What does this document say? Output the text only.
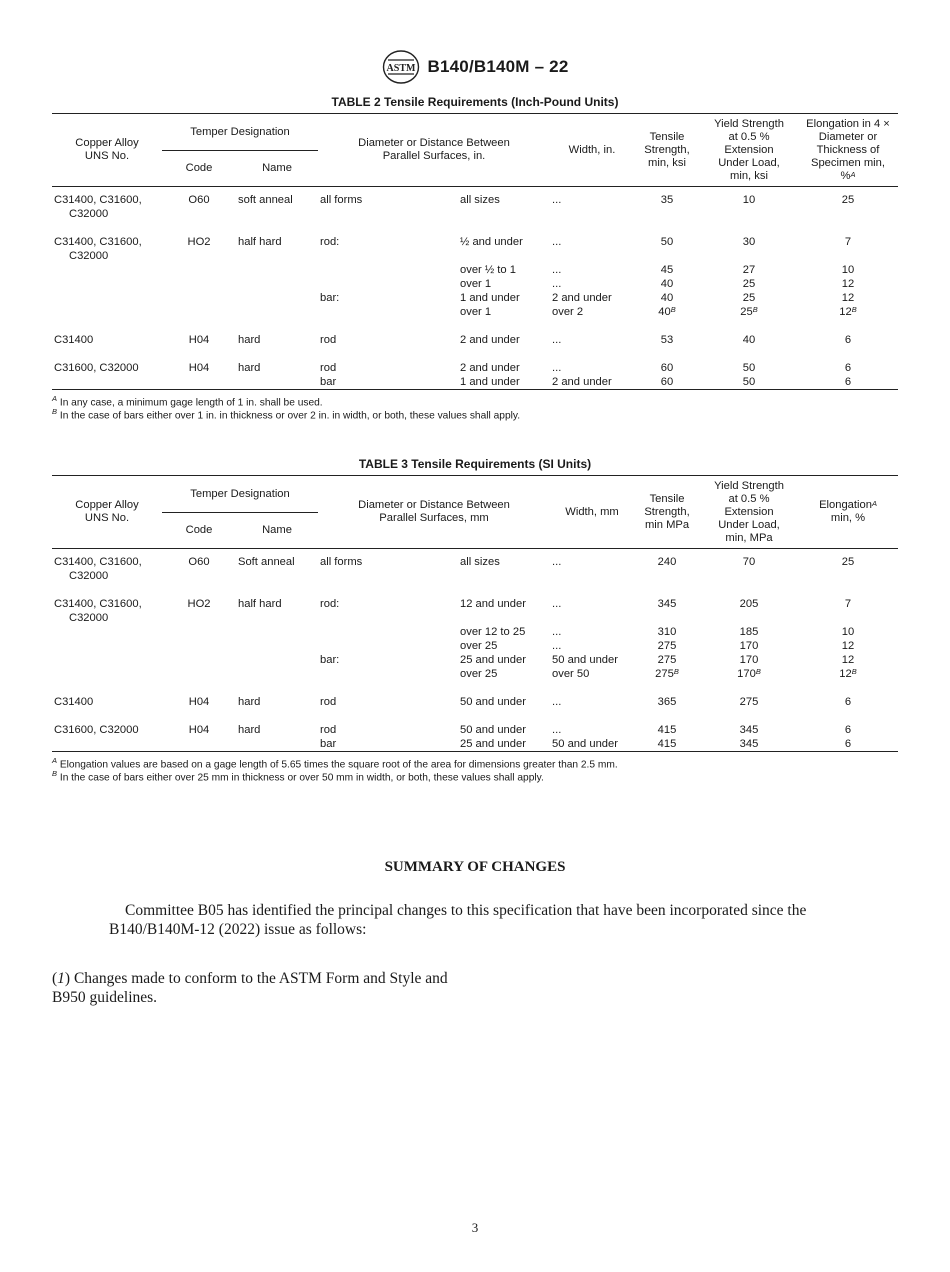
ASTM B140/B140M – 22
TABLE 2 Tensile Requirements (Inch-Pound Units)
Copper Alloy UNS No.	Temper Designation		Diameter or Distance Between Parallel Surfaces, in.		Width, in.	Tensile Strength, min, ksi	Yield Strength at 0.5 % Extension Under Load, min, ksi	Elongation in 4 × Diameter or Thickness of Specimen min, %$^A$
	Code	Name						

C31400, C31600,	O60	soft anneal	all forms	all sizes	...	35	10	25
C32000								

C31400, C31600,	HO2	half hard	rod:	½ and under	...	50	30	7
C32000								
				over ½ to 1	...	45	27	10
				over 1	...	40	25	12
			bar:	1 and under	2 and under	40	25	12
				over 1	over 2	$40^B$	$25^B$	$12^B$

C31400	H04	hard	rod	2 and under	...	53	40	6

C31600, C32000	H04	hard	rod	2 and under	...	60	50	6
			bar	1 and under	2 and under	60	50	6
$^A$ In any case, a minimum gage length of 1 in. shall be used.
$^B$ In the case of bars either over 1 in. in thickness or over 2 in. in width, or both, these values shall apply.
TABLE 3 Tensile Requirements (SI Units)
Copper Alloy UNS No.	Temper Designation		Diameter or Distance Between Parallel Surfaces, mm		Width, mm	Tensile Strength, min MPa	Yield Strength at 0.5 % Extension Under Load, min, MPa	Elongation$^A$
min, %
	Code	Name						

C31400, C31600,	O60	Soft anneal	all forms	all sizes	...	240	70	25
C32000								

C31400, C31600,	HO2	half hard	rod:	12 and under	...	345	205	7
C32000								
				over 12 to 25	...	310	185	10
				over 25	...	275	170	12
			bar:	25 and under	50 and under	275	170	12
				over 25	over 50	$275^B$	$170^B$	$12^B$

C31400	H04	hard	rod	50 and under	...	365	275	6

C31600, C32000	H04	hard	rod	50 and under	...	415	345	6
			bar	25 and under	50 and under	415	345	6
$^A$ Elongation values are based on a gage length of 5.65 times the square root of the area for dimensions greater than 2.5 mm.
$^B$ In the case of bars either over 25 mm in thickness or over 50 mm in width, or both, these values shall apply.
SUMMARY OF CHANGES
Committee B05 has identified the principal changes to this specification that have been incorporated since the B140/B140M-12 (2022) issue as follows:
(1) Changes made to conform to the ASTM Form and Style and B950 guidelines.
3
